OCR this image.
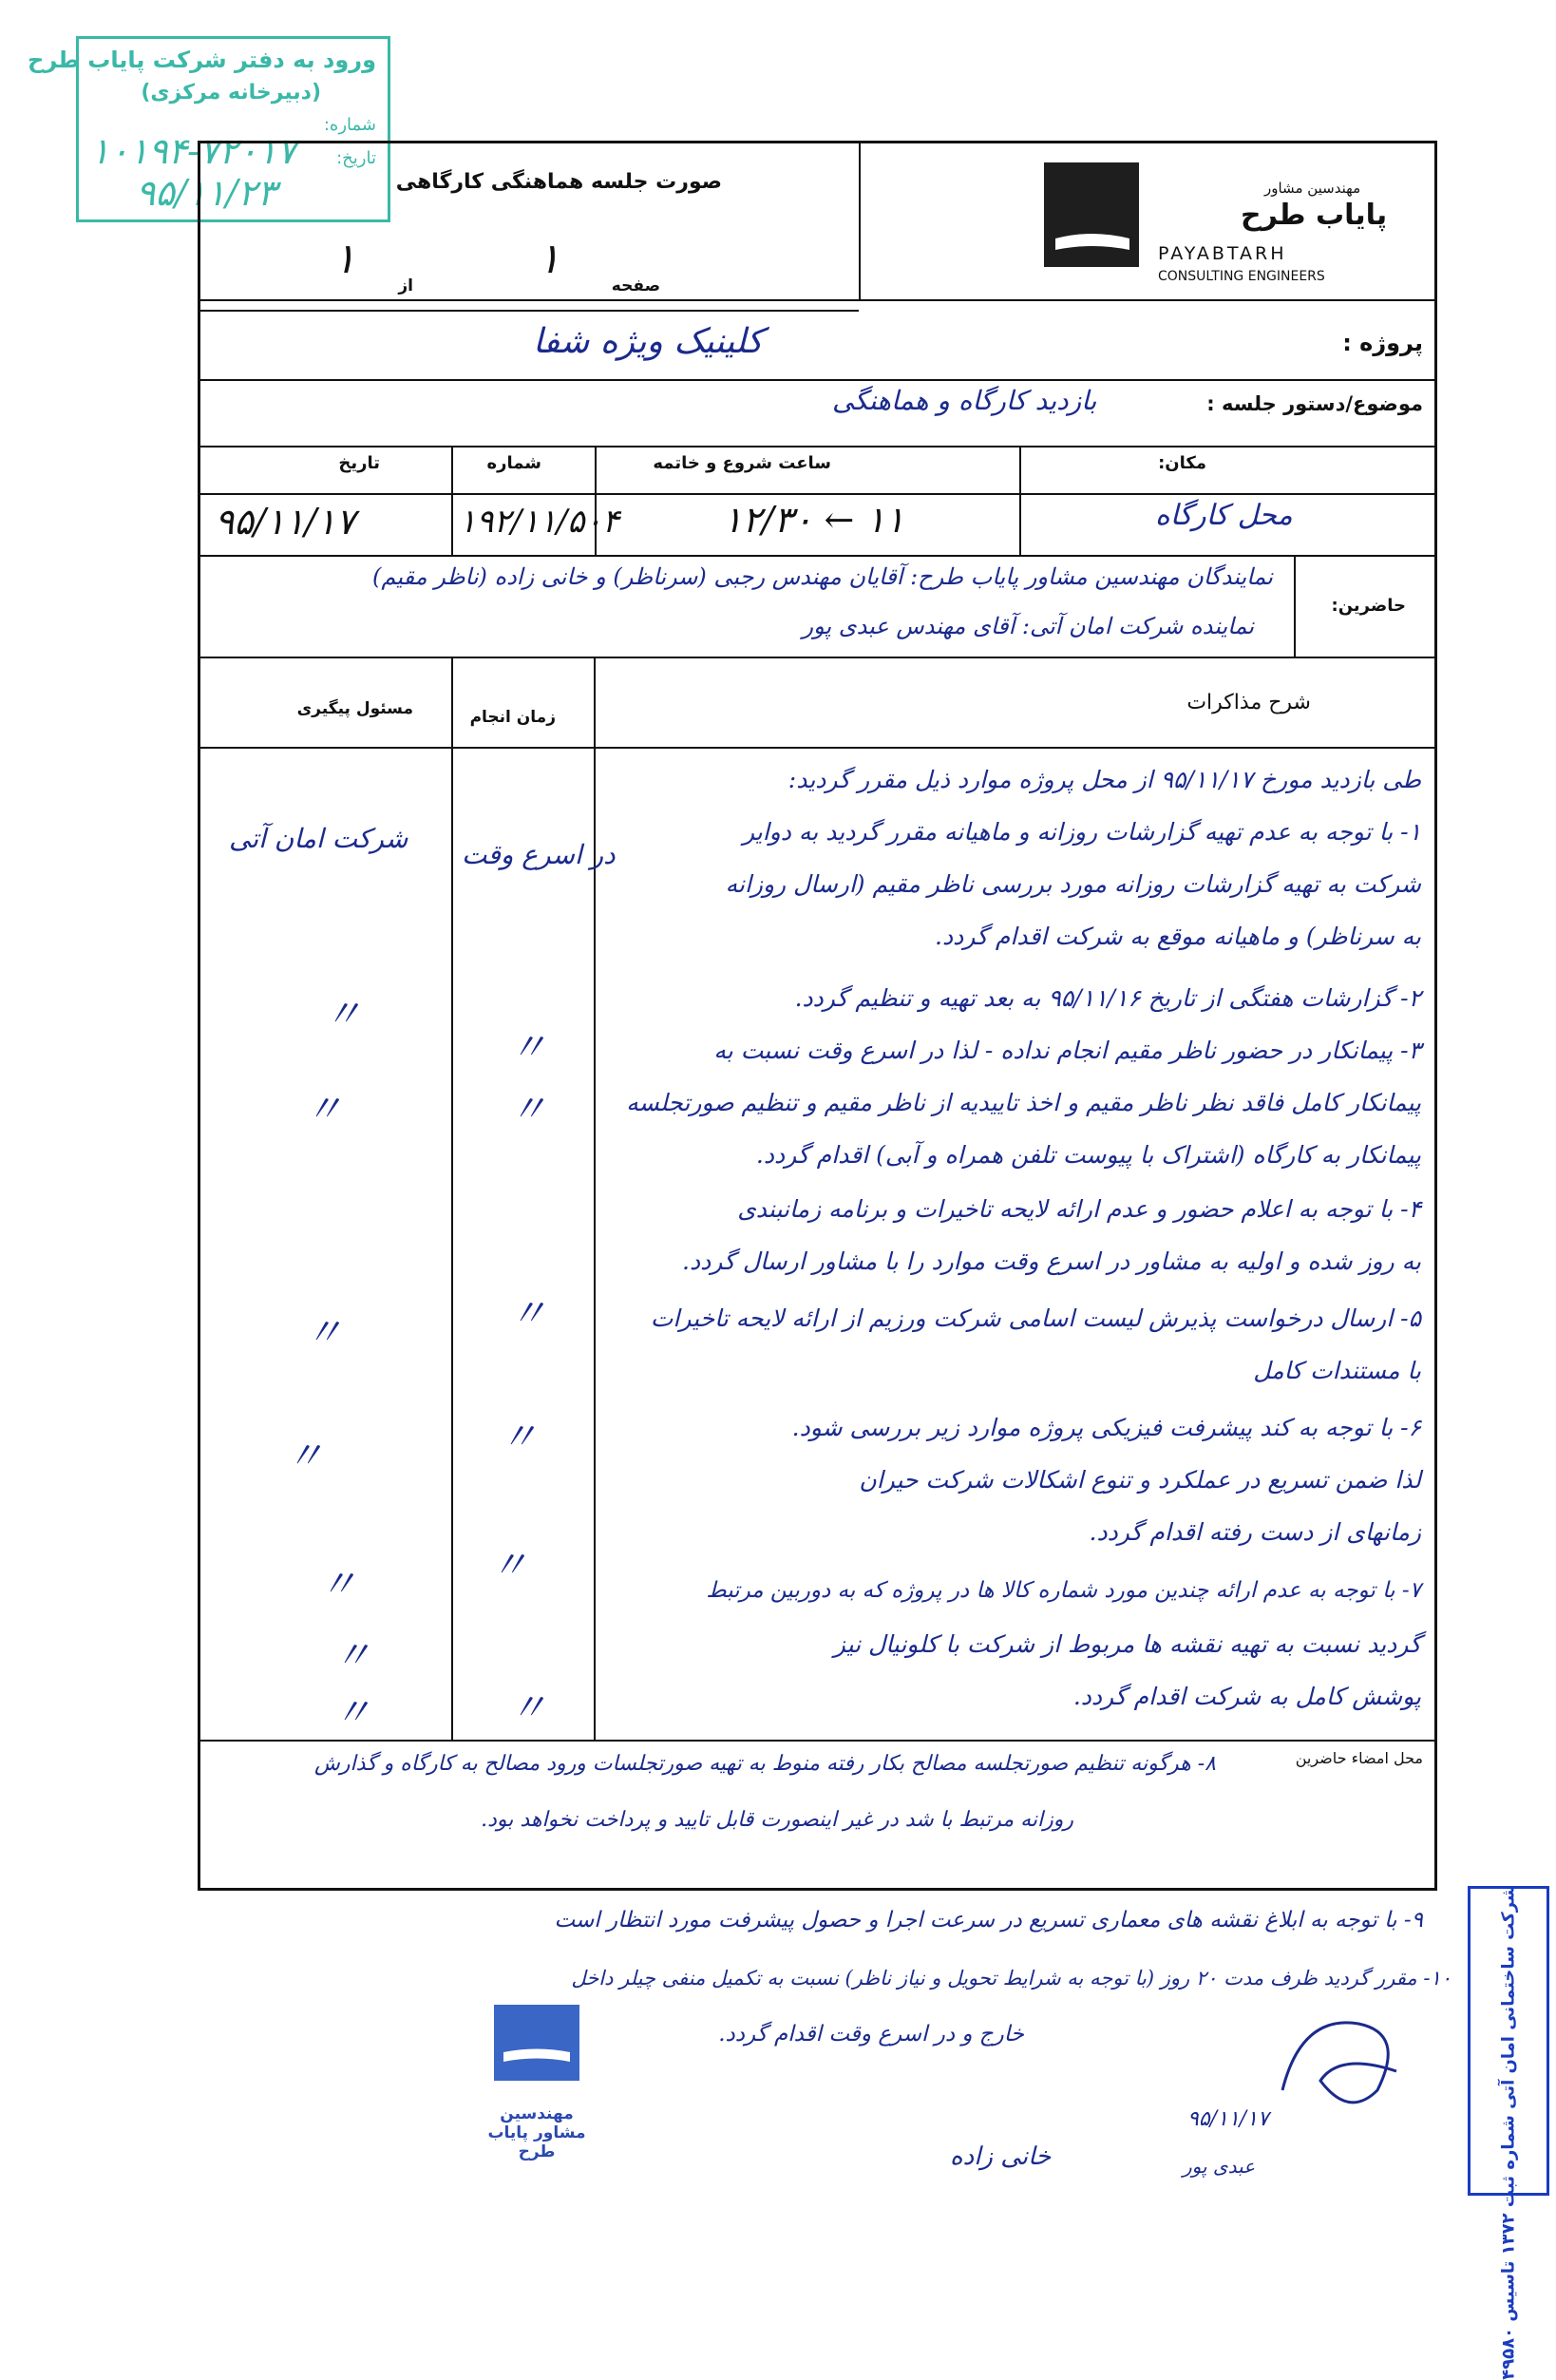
ورود به دفتر شرکت پایاب طرح
(دبیرخانه مرکزی)
شماره:
تاریخ:
۱۰۱۹۴-۷۲۰۱۷
۹۵/۱۱/۲۳	صورت جلسه هماهنگی کارگاهی
صفحه
۱
از
۱
مهندسین مشاور
پایاب طرح
PAYABTARH
CONSULTING ENGINEERS
پروژه :
کلینیک ویژه شفا
موضوع/دستور جلسه :
بازدید کارگاه و هماهنگی
مکان:
ساعت شروع و خاتمه
شماره
تاریخ
محل کارگاه
۱۱ ← ۱۲/۳۰
۱۹۲/۱۱/۵۰۴
۹۵/۱۱/۱۷
حاضرین:
نمایندگان مهندسین مشاور پایاب طرح: آقایان مهندس رجبی (سرناظر) و خانی زاده (ناظر مقیم)
نماینده شرکت امان آتی: آقای مهندس عبدی پور
شرح مذاکرات
زمان انجام
مسئول پیگیری
طی بازدید مورخ ۹۵/۱۱/۱۷ از محل پروژه موارد ذیل مقرر گردید:
۱- با توجه به عدم تهیه گزارشات روزانه و ماهیانه مقرر گردید به دوایر
شرکت به تهیه گزارشات روزانه مورد بررسی ناظر مقیم (ارسال روزانه
به سرناظر) و ماهیانه موقع به شرکت اقدام گردد.
۲- گزارشات هفتگی از تاریخ ۹۵/۱۱/۱۶ به بعد تهیه و تنظیم گردد.
۳- پیمانکار در حضور ناظر مقیم انجام نداده - لذا در اسرع وقت نسبت به
پیمانکار کامل فاقد نظر ناظر مقیم و اخذ تاییدیه از ناظر مقیم و تنظیم صورتجلسه
پیمانکار به کارگاه (اشتراک با پیوست تلفن همراه و آبی) اقدام گردد.
۴- با توجه به اعلام حضور و عدم ارائه لایحه تاخیرات و برنامه زمانبندی
به روز شده و اولیه به مشاور در اسرع وقت موارد را با مشاور ارسال گردد.
۵- ارسال درخواست پذیرش لیست اسامی شرکت ورزیم از ارائه لایحه تاخیرات
با مستندات کامل
۶- با توجه به کند پیشرفت فیزیکی پروژه موارد زیر بررسی شود.
لذا ضمن تسریع در عملکرد و تنوع اشکالات شرکت حیران
زمانهای از دست رفته اقدام گردد.
۷- با توجه به عدم ارائه چندین مورد شماره کالا ها در پروژه که به دوربین مرتبط
گردید نسبت به تهیه نقشه ها مربوط از شرکت با کلونیال نیز
پوشش کامل به شرکت اقدام گردد.
در اسرع وقت
〃
〃
〃
〃
〃
〃
شرکت امان آتی
〃
〃
〃
〃
〃
〃
〃
محل امضاء حاضرین
۸- هرگونه تنظیم صورتجلسه مصالح بکار رفته منوط به تهیه صورتجلسات ورود مصالح به کارگاه و گذارش
روزانه مرتبط با شد در غیر اینصورت قابل تایید و پرداخت نخواهد بود.
۹- با توجه به ابلاغ نقشه های معماری تسریع در سرعت اجرا و حصول پیشرفت مورد انتظار است
۱۰- مقرر گردید ظرف مدت ۲۰ روز (با توجه به شرایط تحویل و نیاز ناظر) نسبت به تکمیل منفی چیلر داخل
خارج و در اسرع وقت اقدام گردد.
مهندسین مشاور پایاب طرح	خانی زاده
۹۵/۱۱/۱۷
عبدی پور
شرکت ساختمانی امان آتی شماره ثبت ۱۳۷۲ تاسیس ۴۹۵۸۰
